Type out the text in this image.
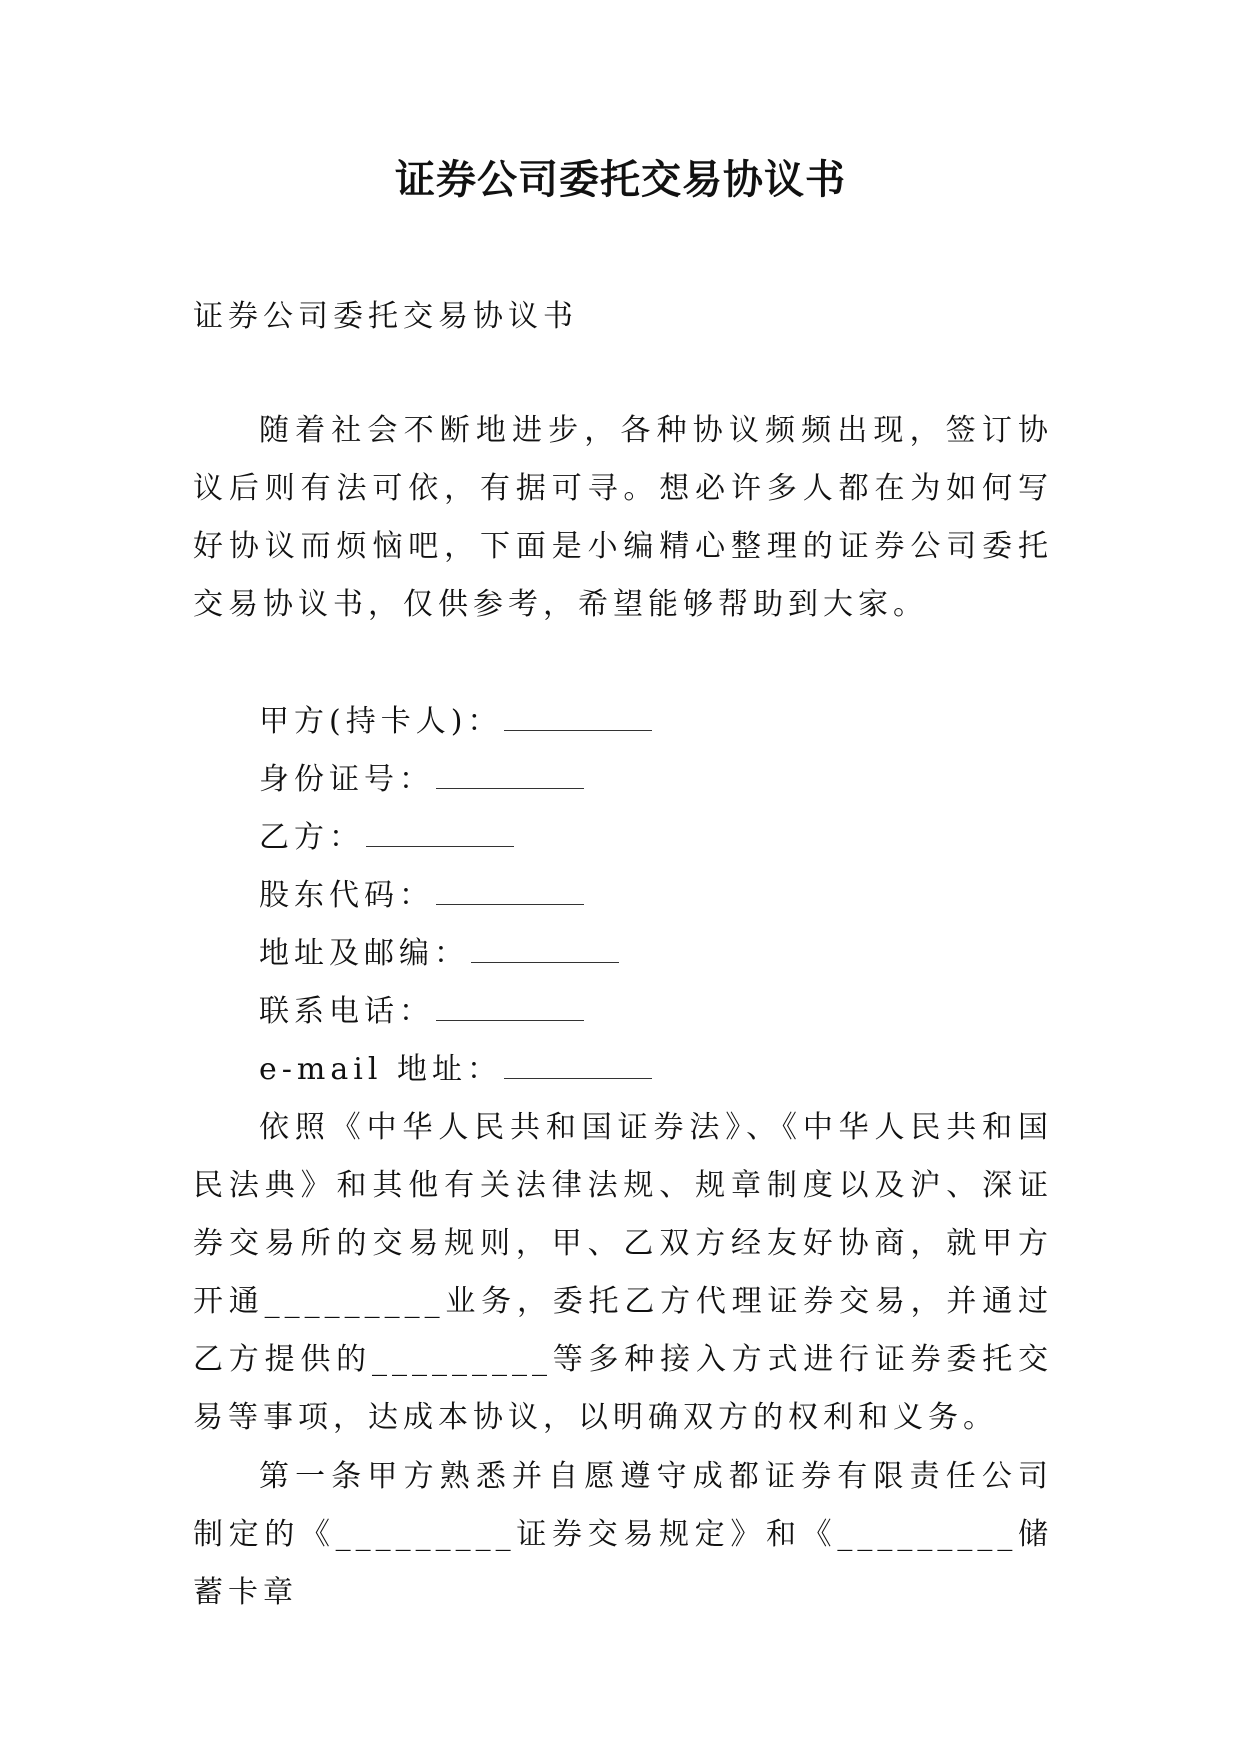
证券公司委托交易协议书
证券公司委托交易协议书
随着社会不断地进步，各种协议频频出现，签订协议后则有法可依，有据可寻。想必许多人都在为如何写好协议而烦恼吧，下面是小编精心整理的证券公司委托交易协议书，仅供参考，希望能够帮助到大家。
甲方(持卡人)：
身份证号：
乙方：
股东代码：
地址及邮编：
联系电话：
e-mail 地址：
依照《中华人民共和国证券法》、《中华人民共和国民法典》和其他有关法律法规、规章制度以及沪、深证券交易所的交易规则，甲、乙双方经友好协商，就甲方开通_________业务，委托乙方代理证券交易，并通过乙方提供的_________等多种接入方式进行证券委托交易等事项，达成本协议，以明确双方的权利和义务。
第一条甲方熟悉并自愿遵守成都证券有限责任公司制定的《_________证券交易规定》和《_________储蓄卡章
